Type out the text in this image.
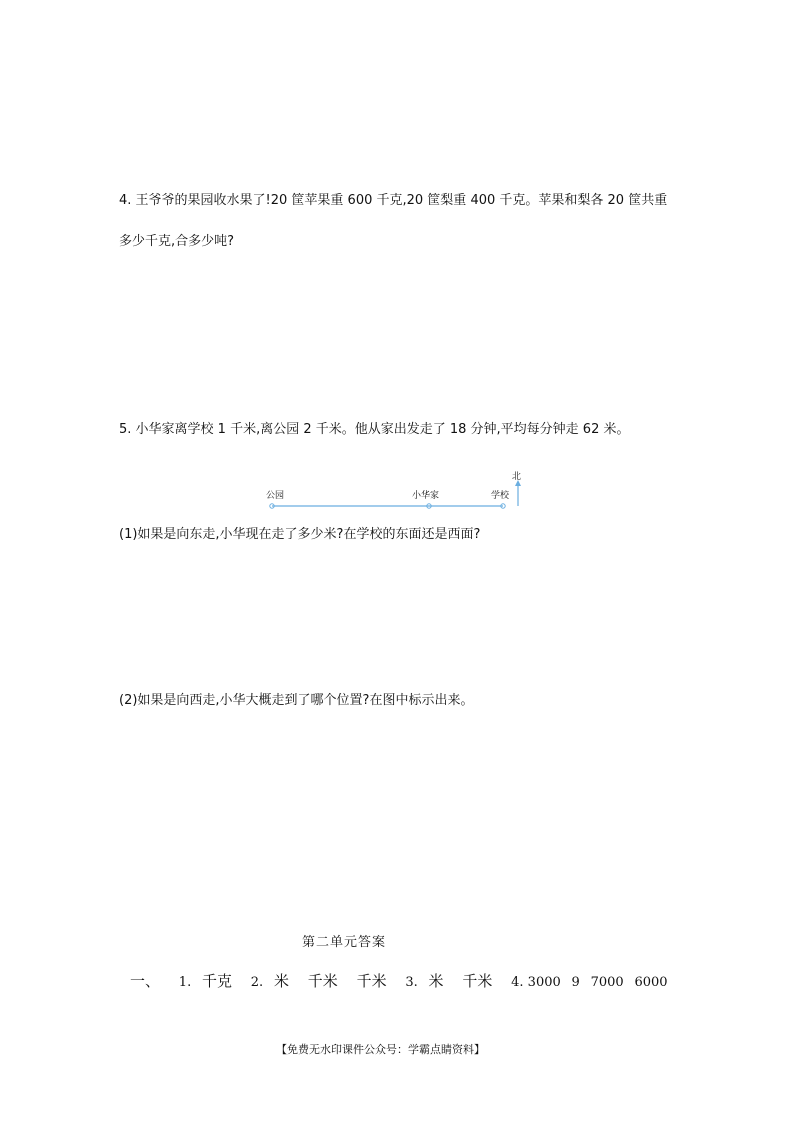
4. 王爷爷的果园收水果了!20 筐苹果重 600 千克,20 筐梨重 400 千克。苹果和梨各 20 筐共重
多少千克,合多少吨?
5. 小华家离学校 1 千米,离公园 2 千米。他从家出发走了 18 分钟,平均每分钟走 62 米。
北
公园	小华家	学校
(1)如果是向东走,小华现在走了多少米?在学校的东面还是西面?
(2)如果是向西走,小华大概走到了哪个位置?在图中标示出来。
第二单元答案
一、 1. 千克 2. 米 千米 千米 3. 米 千米 4. 3000 9 7000 6000
【免费无水印课件公众号：学霸点睛资料】
